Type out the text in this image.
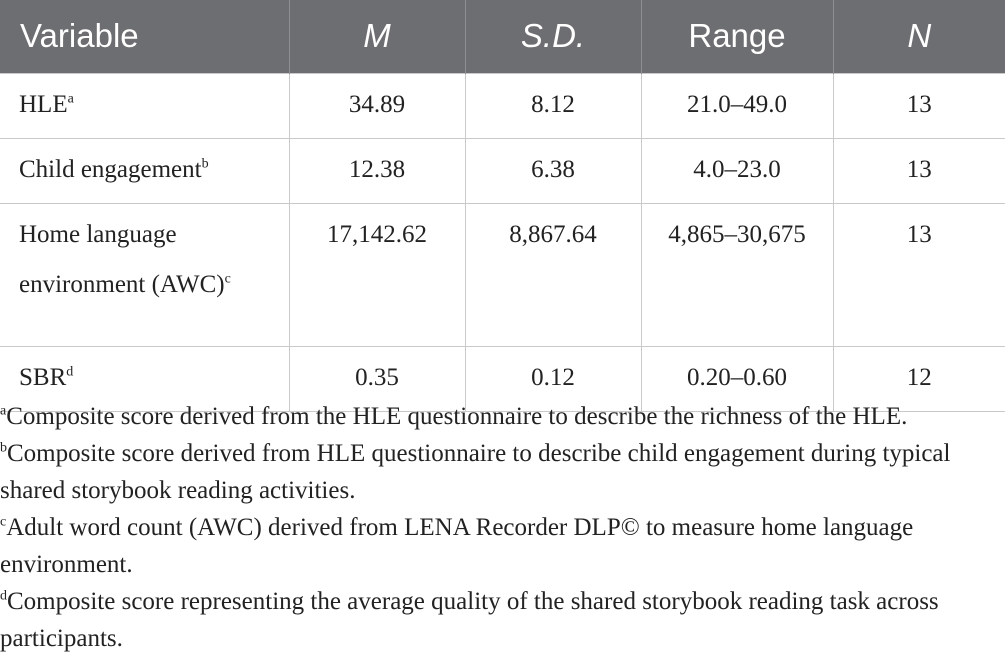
Variable	M	S.D.	Range	N
HLE$^a$	34.89	8.12	21.0–49.0	13
Child engagement$^b$	12.38	6.38	4.0–23.0	13
Home language
environment (AWC)$^c$	17,142.62	8,867.64	4,865–30,675	13
SBR$^d$	0.35	0.12	0.20–0.60	12

$^a$Composite score derived from the HLE questionnaire to describe the richness of the HLE.

$^b$Composite score derived from HLE questionnaire to describe child engagement during typical shared storybook reading activities.

$^c$Adult word count (AWC) derived from LENA Recorder DLP© to measure home language environment.

$^d$Composite score representing the average quality of the shared storybook reading task across participants.
